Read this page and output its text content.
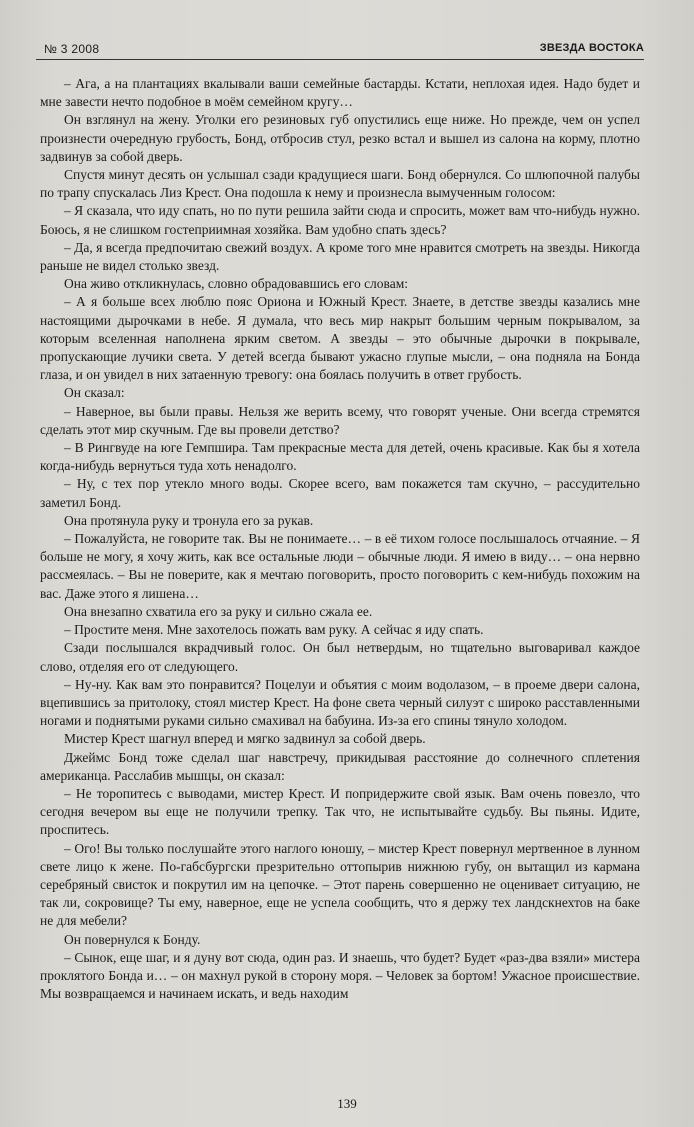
№ 3 2008	ЗВЕЗДА ВОСТОКА

– Ага, а на плантациях вкалывали ваши семейные бастарды. Кстати, неплохая идея. Надо будет и мне завести нечто подобное в моём семейном кругу…

Он взглянул на жену. Уголки его резиновых губ опустились еще ниже. Но прежде, чем он успел произнести очередную грубость, Бонд, отбросив стул, резко встал и вышел из салона на корму, плотно задвинув за собой дверь.

Спустя минут десять он услышал сзади крадущиеся шаги. Бонд обернулся. Со шлюпочной палубы по трапу спускалась Лиз Крест. Она подошла к нему и произнесла вымученным голосом:

– Я сказала, что иду спать, но по пути решила зайти сюда и спросить, может вам что-нибудь нужно. Боюсь, я не слишком гостеприимная хозяйка. Вам удобно спать здесь?

– Да, я всегда предпочитаю свежий воздух. А кроме того мне нравится смотреть на звезды. Никогда раньше не видел столько звезд.

Она живо откликнулась, словно обрадовавшись его словам:

– А я больше всех люблю пояс Ориона и Южный Крест. Знаете, в детстве звезды казались мне настоящими дырочками в небе. Я думала, что весь мир накрыт большим черным покрывалом, за которым вселенная наполнена ярким светом. А звезды – это обычные дырочки в покрывале, пропускающие лучики света. У детей всегда бывают ужасно глупые мысли, – она подняла на Бонда глаза, и он увидел в них затаенную тревогу: она боялась получить в ответ грубость.

Он сказал:

– Наверное, вы были правы. Нельзя же верить всему, что говорят ученые. Они всегда стремятся сделать этот мир скучным. Где вы провели детство?

– В Рингвуде на юге Гемпшира. Там прекрасные места для детей, очень красивые. Как бы я хотела когда-нибудь вернуться туда хоть ненадолго.

– Ну, с тех пор утекло много воды. Скорее всего, вам покажется там скучно, – рассудительно заметил Бонд.

Она протянула руку и тронула его за рукав.

– Пожалуйста, не говорите так. Вы не понимаете… – в её тихом голосе послышалось отчаяние. – Я больше не могу, я хочу жить, как все остальные люди – обычные люди. Я имею в виду… – она нервно рассмеялась. – Вы не поверите, как я мечтаю поговорить, просто поговорить с кем-нибудь похожим на вас. Даже этого я лишена…

Она внезапно схватила его за руку и сильно сжала ее.

– Простите меня. Мне захотелось пожать вам руку. А сейчас я иду спать.

Сзади послышался вкрадчивый голос. Он был нетвердым, но тщательно выговаривал каждое слово, отделяя его от следующего.

– Ну-ну. Как вам это понравится? Поцелуи и объятия с моим водолазом, – в проеме двери салона, вцепившись за притолоку, стоял мистер Крест. На фоне света черный силуэт с широко расставленными ногами и поднятыми руками сильно смахивал на бабуина. Из-за его спины тянуло холодом.

Мистер Крест шагнул вперед и мягко задвинул за собой дверь.

Джеймс Бонд тоже сделал шаг навстречу, прикидывая расстояние до солнечного сплетения американца. Расслабив мышцы, он сказал:

– Не торопитесь с выводами, мистер Крест. И попридержите свой язык. Вам очень повезло, что сегодня вечером вы еще не получили трепку. Так что, не испытывайте судьбу. Вы пьяны. Идите, проспитесь.

– Ого! Вы только послушайте этого наглого юношу, – мистер Крест повернул мертвенное в лунном свете лицо к жене. По-габсбургски презрительно оттопырив нижнюю губу, он вытащил из кармана серебряный свисток и покрутил им на цепочке. – Этот парень совершенно не оценивает ситуацию, не так ли, сокровище? Ты ему, наверное, еще не успела сообщить, что я держу тех ландскнехтов на баке не для мебели?

Он повернулся к Бонду.

– Сынок, еще шаг, и я дуну вот сюда, один раз. И знаешь, что будет? Будет «раз-два взяли» мистера проклятого Бонда и… – он махнул рукой в сторону моря. – Человек за бортом! Ужасное происшествие. Мы возвращаемся и начинаем искать, и ведь находим

139
